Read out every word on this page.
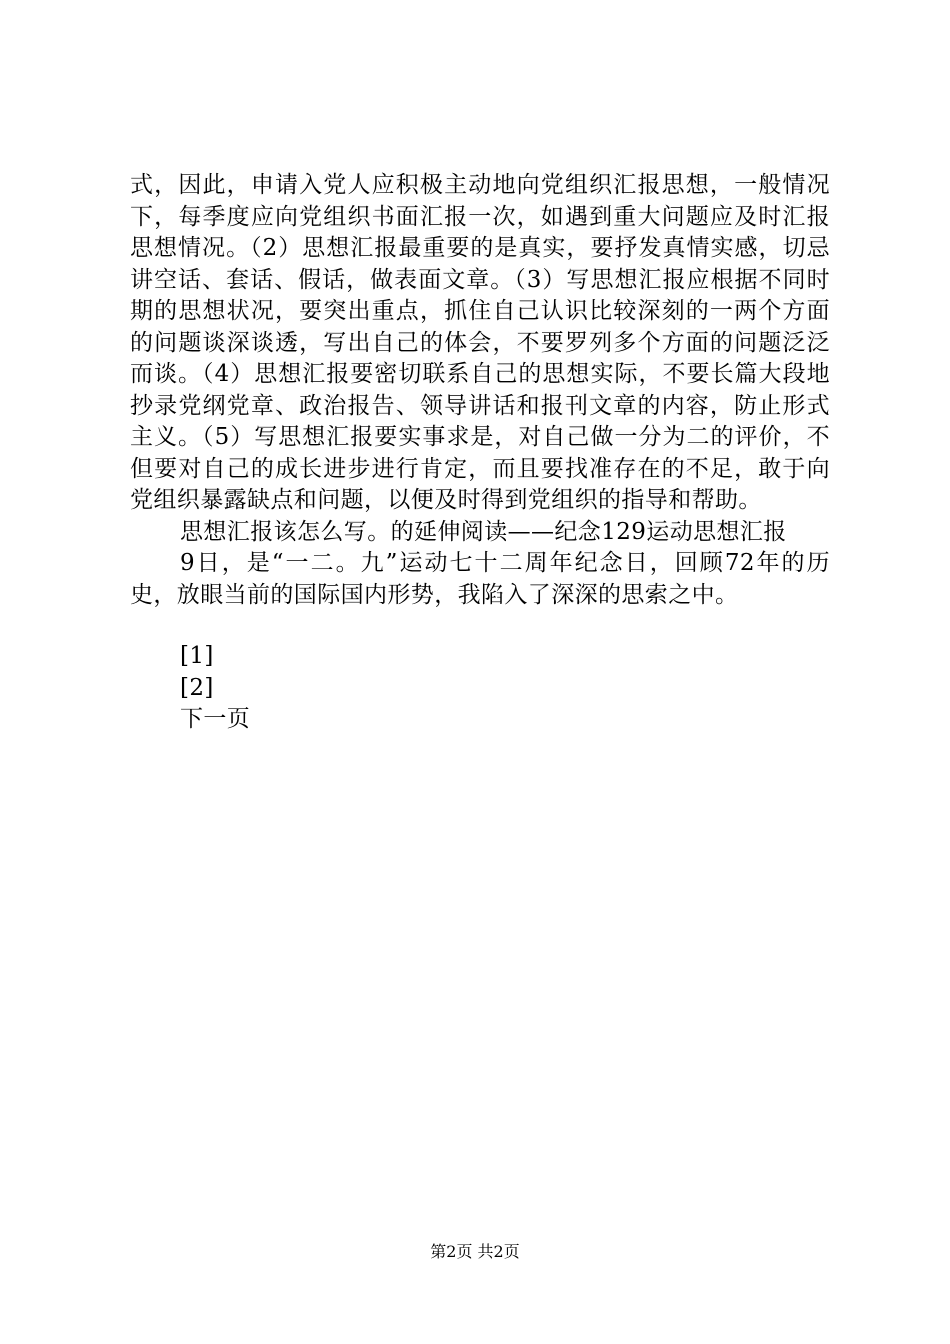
式，因此，申请入党人应积极主动地向党组织汇报思想，一般情况下，每季度应向党组织书面汇报一次，如遇到重大问题应及时汇报思想情况。（2）思想汇报最重要的是真实，要抒发真情实感，切忌讲空话、套话、假话，做表面文章。（3）写思想汇报应根据不同时期的思想状况，要突出重点，抓住自己认识比较深刻的一两个方面的问题谈深谈透，写出自己的体会，不要罗列多个方面的问题泛泛而谈。（4）思想汇报要密切联系自己的思想实际，不要长篇大段地抄录党纲党章、政治报告、领导讲话和报刊文章的内容，防止形式主义。（5）写思想汇报要实事求是，对自己做一分为二的评价，不但要对自己的成长进步进行肯定，而且要找准存在的不足，敢于向党组织暴露缺点和问题，以便及时得到党组织的指导和帮助。

思想汇报该怎么写。的延伸阅读——纪念129运动思想汇报

9日，是“一二。九”运动七十二周年纪念日，回顾72年的历史，放眼当前的国际国内形势，我陷入了深深的思索之中。

[1]
[2]
下一页
第2页 共2页
